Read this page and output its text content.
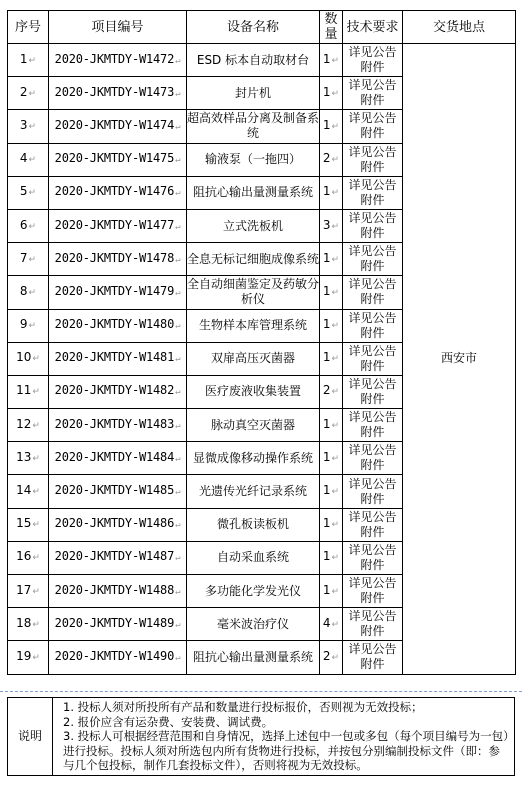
序号	项目编号	设备名称	数量	技术要求	交货地点
1↵	2020-JKMTDY-W1472↵	ESD 标本自动取材台	1↵	详见公告附件	西安市
2↵	2020-JKMTDY-W1473↵	封片机	1↵	详见公告附件	
3↵	2020-JKMTDY-W1474↵	超高效样品分离及制备系统	1↵	详见公告附件	
4↵	2020-JKMTDY-W1475↵	输液泵（一拖四）	2↵	详见公告附件	
5↵	2020-JKMTDY-W1476↵	阻抗心输出量测量系统	1↵	详见公告附件	
6↵	2020-JKMTDY-W1477↵	立式洗板机	3↵	详见公告附件	
7↵	2020-JKMTDY-W1478↵	全息无标记细胞成像系统	1↵	详见公告附件	
8↵	2020-JKMTDY-W1479↵	全自动细菌鉴定及药敏分析仪	1↵	详见公告附件	
9↵	2020-JKMTDY-W1480↵	生物样本库管理系统	1↵	详见公告附件	
10↵	2020-JKMTDY-W1481↵	双扉高压灭菌器	1↵	详见公告附件	
11↵	2020-JKMTDY-W1482↵	医疗废液收集装置	2↵	详见公告附件	
12↵	2020-JKMTDY-W1483↵	脉动真空灭菌器	1↵	详见公告附件	
13↵	2020-JKMTDY-W1484↵	显微成像移动操作系统	1↵	详见公告附件	
14↵	2020-JKMTDY-W1485↵	光遗传光纤记录系统	1↵	详见公告附件	
15↵	2020-JKMTDY-W1486↵	微孔板读板机	1↵	详见公告附件	
16↵	2020-JKMTDY-W1487↵	自动采血系统	1↵	详见公告附件	
17↵	2020-JKMTDY-W1488↵	多功能化学发光仪	1↵	详见公告附件	
18↵	2020-JKMTDY-W1489↵	毫米波治疗仪	4↵	详见公告附件	
19↵	2020-JKMTDY-W1490↵	阻抗心输出量测量系统	2↵	详见公告附件	
说明	
1. 投标人须对所投所有产品和数量进行投标报价，否则视为无效投标；
2. 报价应含有运杂费、安装费、调试费。
3. 投标人可根据经营范围和自身情况，选择上述包中一包或多包（每个项目编号为一包）进行投标。投标人须对所选包内所有货物进行投标，并按包分别编制投标文件（即：参与几个包投标，制作几套投标文件），否则将视为无效投标。
